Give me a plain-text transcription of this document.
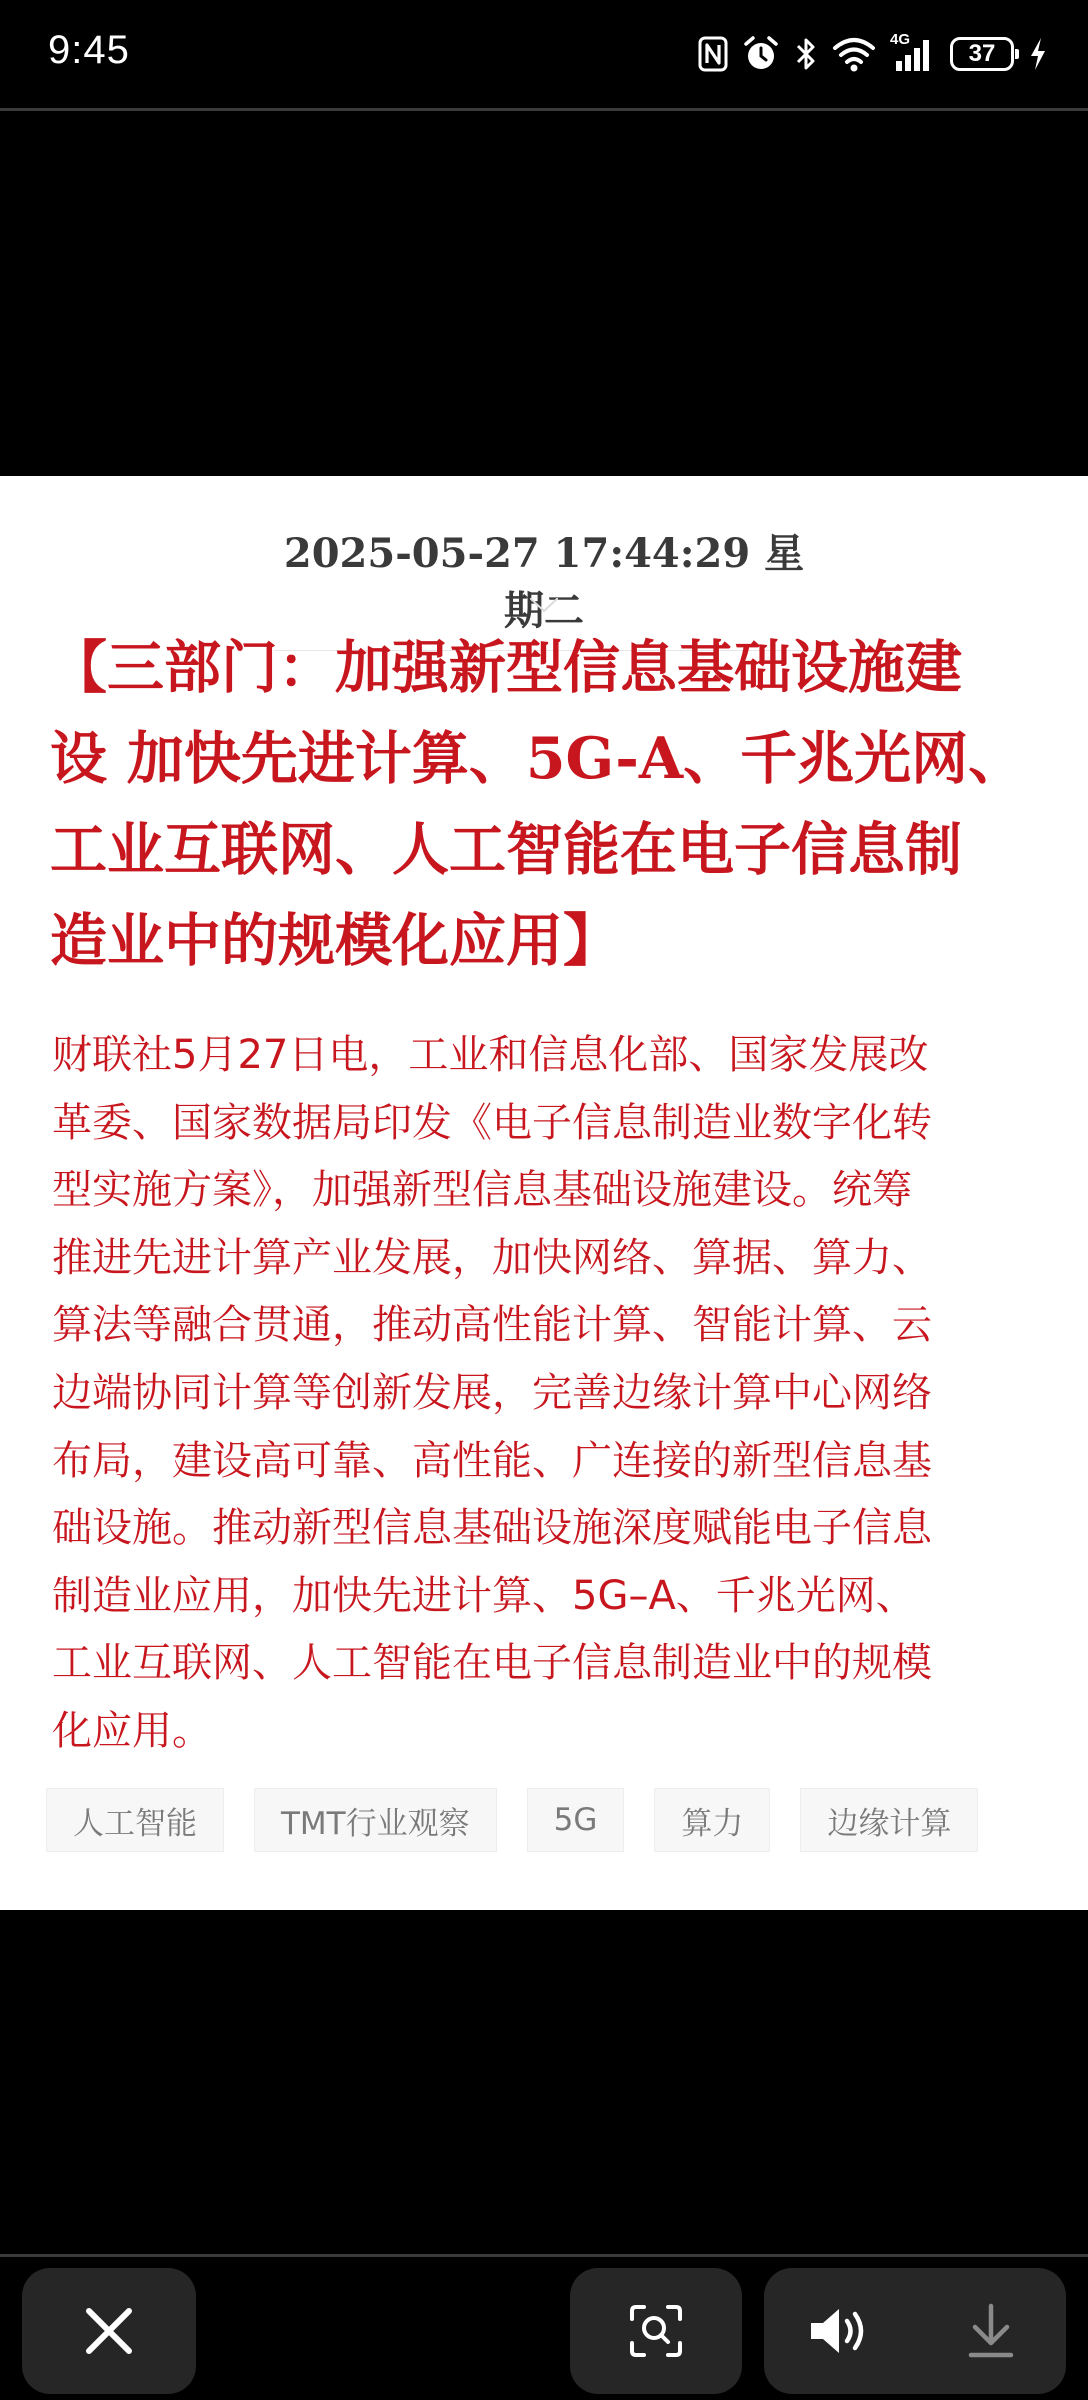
9:45	4G
37
2025-05-27 17:44:29 星期二
【三部门：加强新型信息基础设施建
设 加快先进计算、5G-A、千兆光网、
工业互联网、人工智能在电子信息制
造业中的规模化应用】
财联社5月27日电，工业和信息化部、国家发展改
革委、国家数据局印发《电子信息制造业数字化转
型实施方案》，加强新型信息基础设施建设。统筹
推进先进计算产业发展，加快网络、算据、算力、
算法等融合贯通，推动高性能计算、智能计算、云
边端协同计算等创新发展，完善边缘计算中心网络
布局，建设高可靠、高性能、广连接的新型信息基
础设施。推动新型信息基础设施深度赋能电子信息
制造业应用，加快先进计算、5G–A、千兆光网、
工业互联网、人工智能在电子信息制造业中的规模
化应用。
人工智能	TMT行业观察	5G	算力	边缘计算
